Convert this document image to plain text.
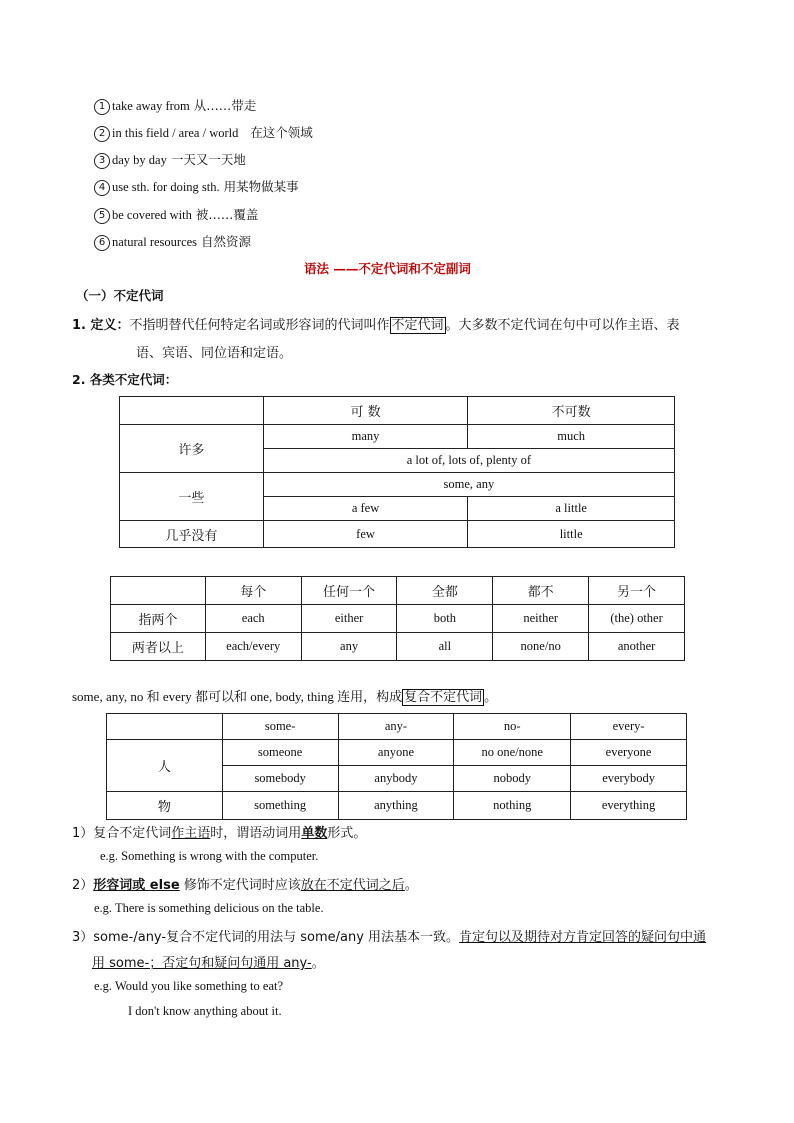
1 take away from 从……带走
2 in this field / area / world 在这个领域
3 day by day 一天又一天地
4 use sth. for doing sth. 用某物做某事
5 be covered with 被……覆盖
6 natural resources 自然资源
语法 ——不定代词和不定副词
（一）不定代词
1. 定义：不指明替代任何特定名词或形容词的代词叫作 不定代词 。大多数不定代词在句中可以作主语、表
语、宾语、同位语和定语。
2. 各类不定代词：
	可 数	不可数
许多	many	much
	a lot of, lots of, plenty of	
一些	some, any	
	a few	a little
几乎没有	few	little
	每个	任何一个	全都	都不	另一个
指两个	each	either	both	neither	(the) other
两者以上	each/every	any	all	none/no	another
some, any, no 和 every 都可以和 one, body, thing 连用，构成 复合不定代词 。
	some-	any-	no-	every-
人	someone	anyone	no one/none	everyone
	somebody	anybody	nobody	everybody
物	something	anything	nothing	everything
1）复合不定代词作主语时，谓语动词用单数形式。
e.g. Something is wrong with the computer.
2）形容词或 else 修饰不定代词时应该放在不定代词之后。
e.g. There is something delicious on the table.
3）some-/any-复合不定代词的用法与 some/any 用法基本一致。肯定句以及期待对方肯定回答的疑问句中通
用 some-；否定句和疑问句通用 any-。
e.g. Would you like something to eat?
I don't know anything about it.
